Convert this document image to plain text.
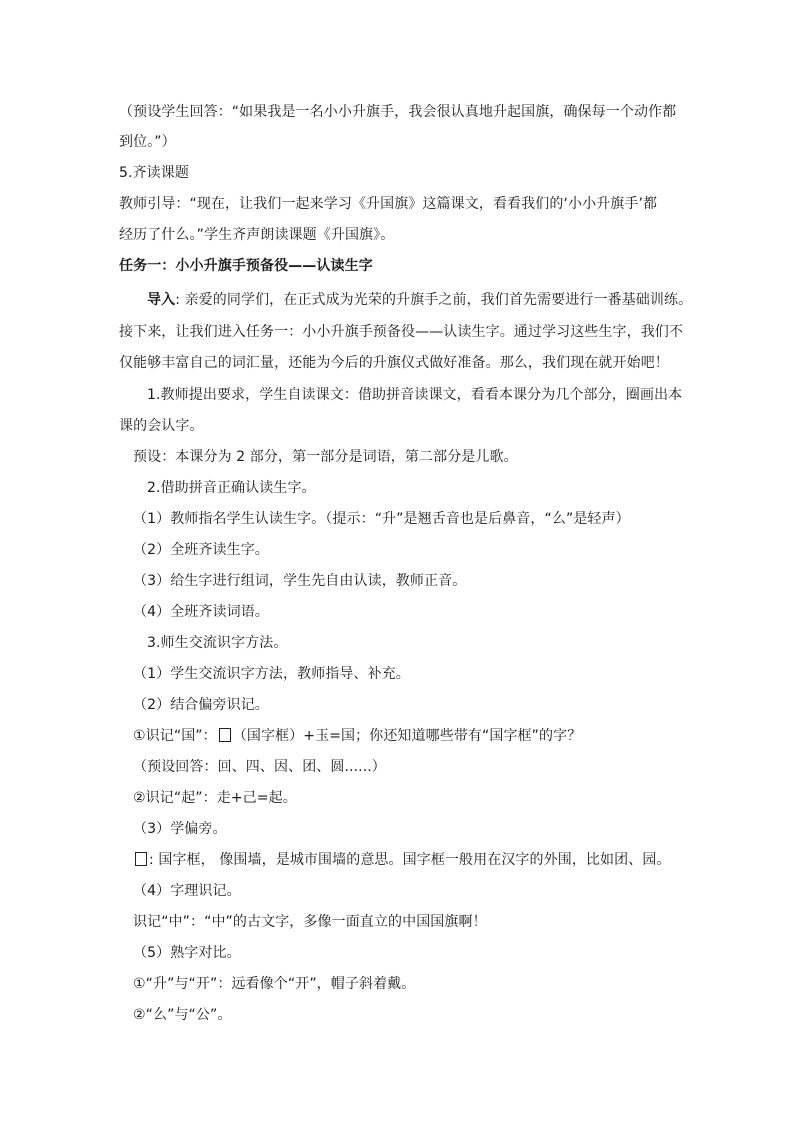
（预设学生回答：“如果我是一名小小升旗手，我会很认真地升起国旗，确保每一个动作都
到位。”）
5.齐读课题
教师引导：“现在，让我们一起来学习《升国旗》这篇课文，看看我们的‘小小升旗手’都
经历了什么。”学生齐声朗读课题《升国旗》。
任务一：小小升旗手预备役——认读生字
导入: 亲爱的同学们，在正式成为光荣的升旗手之前，我们首先需要进行一番基础训练。
接下来，让我们进入任务一：小小升旗手预备役——认读生字。通过学习这些生字，我们不
仅能够丰富自己的词汇量，还能为今后的升旗仪式做好准备。那么，我们现在就开始吧！
1.教师提出要求，学生自读课文：借助拼音读课文，看看本课分为几个部分，圈画出本
课的会认字。
预设：本课分为 2 部分，第一部分是词语，第二部分是儿歌。
2.借助拼音正确认读生字。
（1）教师指名学生认读生字。（提示：“升”是翘舌音也是后鼻音，“么”是轻声）
（2）全班齐读生字。
（3）给生字进行组词，学生先自由认读，教师正音。
（4）全班齐读词语。
3.师生交流识字方法。
（1）学生交流识字方法，教师指导、补充。
（2）结合偏旁识记。
①识记“国”： （国字框）+玉=国；你还知道哪些带有“国字框”的字？
（预设回答：回、四、因、团、圆......）
②识记“起”：走+己=起。
（3）学偏旁。
: 国字框， 像围墙，是城市围墙的意思。国字框一般用在汉字的外围，比如团、园。
（4）字理识记。
识记“中”：“中”的古文字，多像一面直立的中国国旗啊！
（5）熟字对比。
①“升”与“开”：远看像个“开”，帽子斜着戴。
②“么”与“公”。
